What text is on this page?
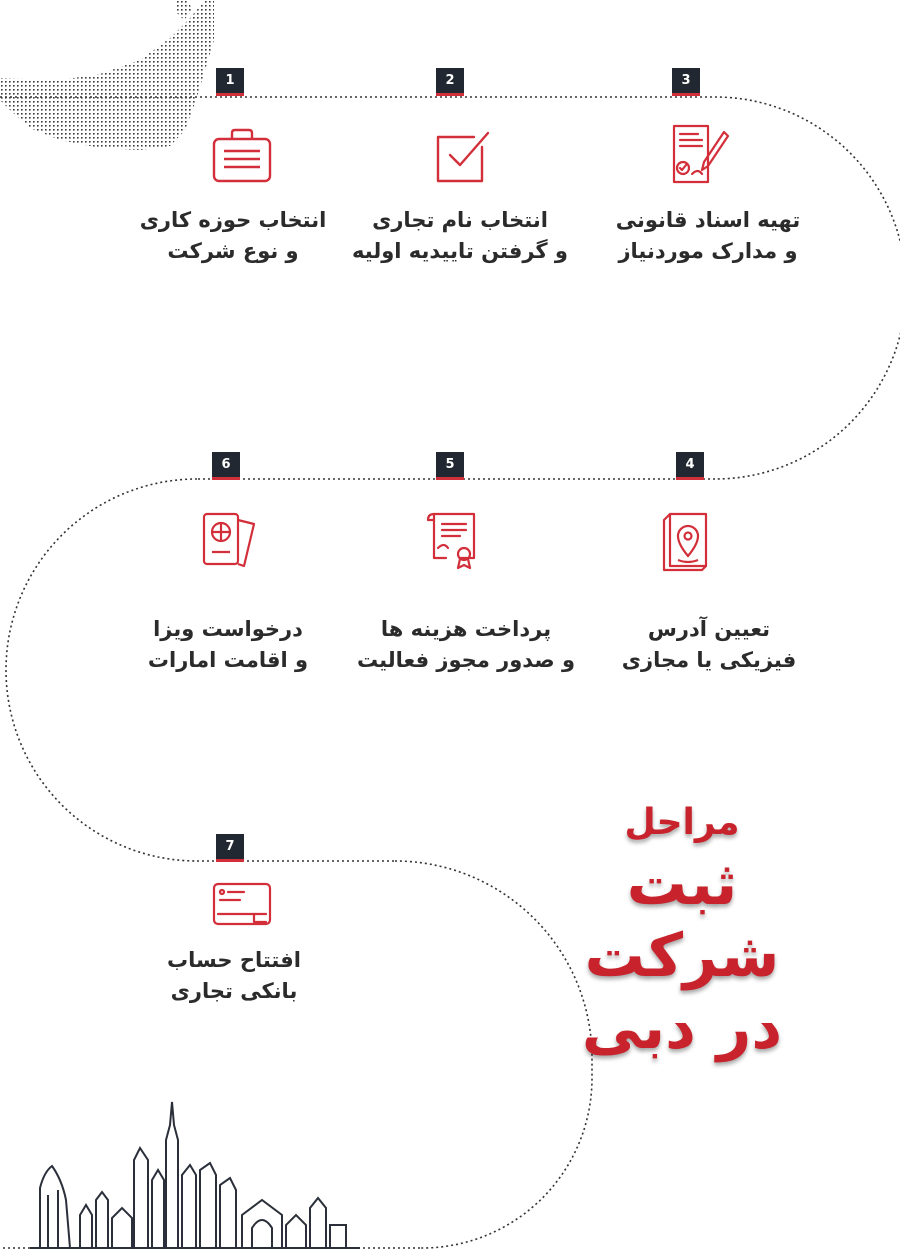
1	2	3
4
5
6
7
انتخاب حوزه کاری
و نوع شرکت
انتخاب نام تجاری
و گرفتن تاییدیه اولیه
تهیه اسناد قانونی
و مدارک موردنیاز
تعیین آدرس
فیزیکی یا مجازی
پرداخت هزینه ها
و صدور مجوز فعالیت
درخواست ویزا
و اقامت امارات
افتتاح حساب
بانکی تجاری
مراحل
ثبت شرکت
در دبی
